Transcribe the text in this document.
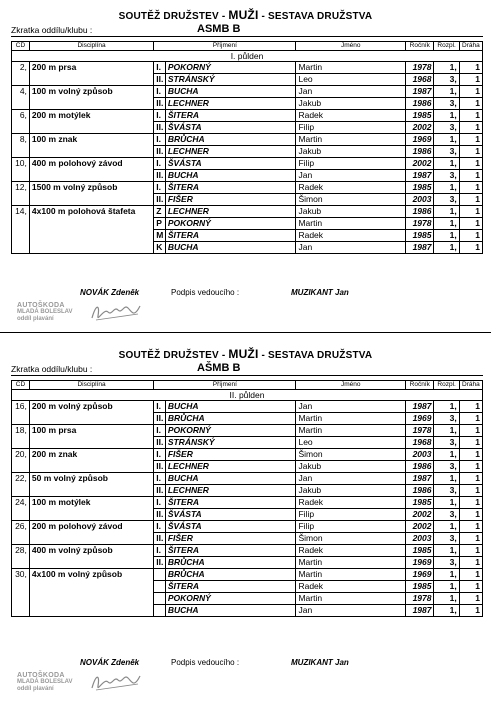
SOUTĚŽ DRUŽSTEV - MUŽI - SESTAVA DRUŽSTVA
Zkratka oddílu/klubu :	ASMB B
ČD	Disciplína	Příjmení		Jméno	Ročník	Rozpl.	Dráha
I. půlden							
2,	200 m prsa	I.	POKORNÝ	Martin	1978	1,	1
		II.	STRÁNSKÝ	Leo	1968	3,	1
4,	100 m volný způsob	I.	BUCHA	Jan	1987	1,	1
		II.	LECHNER	Jakub	1986	3,	1
6,	200 m motýlek	I.	ŠITERA	Radek	1985	1,	1
		II.	ŠVÁSTA	Filip	2002	3,	1
8,	100 m znak	I.	BRŮCHA	Martin	1969	1,	1
		II.	LECHNER	Jakub	1986	3,	1
10,	400 m polohový závod	I.	ŠVÁSTA	Filip	2002	1,	1
		II.	BUCHA	Jan	1987	3,	1
12,	1500 m volný způsob	I.	ŠITERA	Radek	1985	1,	1
		II.	FIŠER	Šimon	2003	3,	1
14,	4x100 m polohová štafeta	Z	LECHNER	Jakub	1986	1,	1
		P	POKORNÝ	Martin	1978	1,	1
		M	ŠITERA	Radek	1985	1,	1
		K	BUCHA	Jan	1987	1,	1
NOVÁK Zdeněk	Podpis vedoucího :	MUZIKANT Jan
AUTOŠKODA
MLADÁ BOLESLAV
oddíl plavání
SOUTĚŽ DRUŽSTEV - MUŽI - SESTAVA DRUŽSTVA
Zkratka oddílu/klubu :	AŠMB B
ČD	Disciplína	Příjmení		Jméno	Ročník	Rozpl.	Dráha
II. půlden							
16,	200 m volný způsob	I.	BUCHA	Jan	1987	1,	1
		II.	BRŮCHA	Martin	1969	3,	1
18,	100 m prsa	I.	POKORNÝ	Martin	1978	1,	1
		II.	STRÁNSKÝ	Leo	1968	3,	1
20,	200 m znak	I.	FIŠER	Šimon	2003	1,	1
		II.	LECHNER	Jakub	1986	3,	1
22,	50 m volný způsob	I.	BUCHA	Jan	1987	1,	1
		II.	LECHNER	Jakub	1986	3,	1
24,	100 m motýlek	I.	ŠITERA	Radek	1985	1,	1
		II.	ŠVÁSTA	Filip	2002	3,	1
26,	200 m polohový závod	I.	ŠVÁSTA	Filip	2002	1,	1
		II.	FIŠER	Šimon	2003	3,	1
28,	400 m volný způsob	I.	ŠITERA	Radek	1985	1,	1
		II.	BRŮCHA	Martin	1969	3,	1
30,	4x100 m volný způsob		BRŮCHA	Martin	1969	1,	1
			ŠITERA	Radek	1985	1,	1
			POKORNÝ	Martin	1978	1,	1
			BUCHA	Jan	1987	1,	1
NOVÁK Zdeněk	Podpis vedoucího :	MUZIKANT Jan
AUTOŠKODA
MLADÁ BOLESLAV
oddíl plavání
